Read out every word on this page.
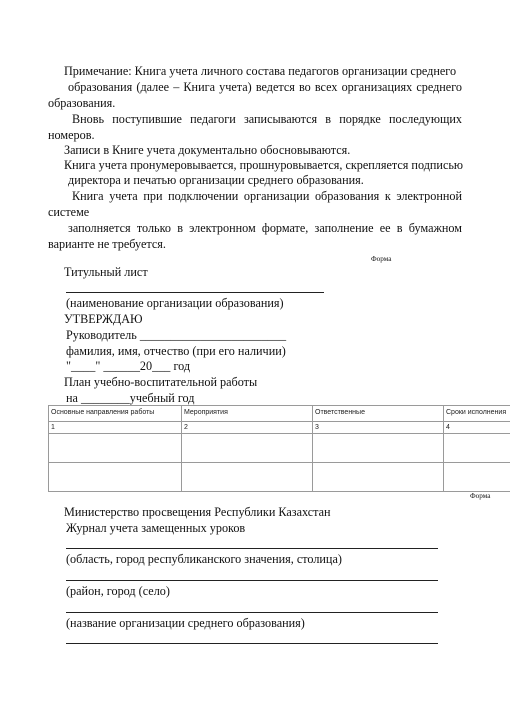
Примечание: Книга учета личного состава педагогов организации среднего

образования (далее – Книга учета) ведется во всех организациях среднего

образования.

Вновь поступившие педагоги записываются в порядке последующих

номеров.

Записи в Книге учета документально обосновываются.

Книга учета пронумеровывается, прошнуровывается, скрепляется подписью

директора и печатью организации среднего образования.

Книга учета при подключении организации образования к электронной

системе

заполняется только в электронном формате, заполнение ее в бумажном

варианте не требуется.

Форма

Титульный лист

(наименование организации образования)

УТВЕРЖДАЮ

Руководитель ________________________

фамилия, имя, отчество (при его наличии)

"____" ______20___ год

План учебно-воспитательной работы

на ________учебный год

Основные направления работы	Мероприятия	Ответственные	Сроки исполнения
1	2	3	4
Форма

Министерство просвещения Республики Казахстан

Журнал учета замещенных уроков

(область, город республиканского значения, столица)

(район, город (село)

(название организации среднего образования)
